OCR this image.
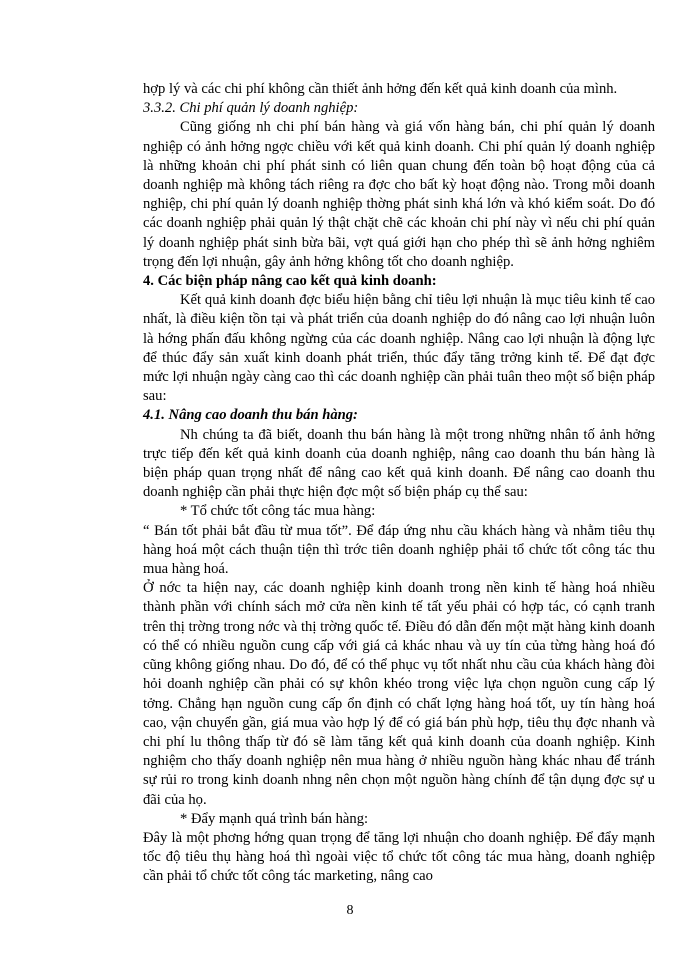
hợp lý và các chi phí không cần thiết ảnh hởng đến kết quả kinh doanh của mình.

3.3.2. Chi phí quản lý doanh nghiệp:

Cũng giống nh chi phí bán hàng và giá vốn hàng bán, chi phí quản lý doanh nghiệp có ảnh hởng ngợc chiều với kết quả kinh doanh. Chi phí quản lý doanh nghiệp là những khoản chi phí phát sinh có liên quan chung đến toàn bộ hoạt động của cả doanh nghiệp mà không tách riêng ra đợc cho bất kỳ hoạt động nào. Trong mỗi doanh nghiệp, chi phí quản lý doanh nghiệp thờng phát sinh khá lớn và khó kiểm soát. Do đó các doanh nghiệp phải quản lý thật chặt chẽ các khoản chi phí này vì nếu chi phí quản lý doanh nghiệp phát sinh bừa bãi, vợt quá giới hạn cho phép thì sẽ ảnh hởng nghiêm trọng đến lợi nhuận, gây ảnh hởng không tốt cho doanh nghiệp.

4. Các biện pháp nâng cao kết quả kinh doanh:

Kết quả kinh doanh đợc biểu hiện bằng chỉ tiêu lợi nhuận là mục tiêu kinh tế cao nhất, là điều kiện tồn tại và phát triển của doanh nghiệp do đó nâng cao lợi nhuận luôn là hớng phấn đấu không ngừng của các doanh nghiệp. Nâng cao lợi nhuận là động lực để thúc đẩy sản xuất kinh doanh phát triển, thúc đẩy tăng trởng kinh tế. Để đạt đợc mức lợi nhuận ngày càng cao thì các doanh nghiệp cần phải tuân theo một số biện pháp sau:

4.1. Nâng cao doanh thu bán hàng:

Nh chúng ta đã biết, doanh thu bán hàng là một trong những nhân tố ảnh hởng trực tiếp đến kết quả kinh doanh của doanh nghiệp, nâng cao doanh thu bán hàng là biện pháp quan trọng nhất để nâng cao kết quả kinh doanh. Để nâng cao doanh thu doanh nghiệp cần phải thực hiện đợc một số biện pháp cụ thể sau:

* Tổ chức tốt công tác mua hàng:

“ Bán tốt phải bắt đầu từ mua tốt”. Để đáp ứng nhu cầu khách hàng và nhằm tiêu thụ hàng hoá một cách thuận tiện thì trớc tiên doanh nghiệp phải tổ chức tốt công tác thu mua hàng hoá.

Ở nớc ta hiện nay, các doanh nghiệp kinh doanh trong nền kinh tế hàng hoá nhiều thành phần với chính sách mở cửa nền kinh tế tất yếu phải có hợp tác, có cạnh tranh trên thị trờng trong nớc và thị trờng quốc tế. Điều đó dẫn đến một mặt hàng kinh doanh có thể có nhiều nguồn cung cấp với giá cả khác nhau và uy tín của từng hàng hoá đó cũng không giống nhau. Do đó, để có thể phục vụ tốt nhất nhu cầu của khách hàng đòi hỏi doanh nghiệp cần phải có sự khôn khéo trong việc lựa chọn nguồn cung cấp lý tởng. Chẳng hạn nguồn cung cấp ổn định có chất lợng hàng hoá tốt, uy tín hàng hoá cao, vận chuyển gần, giá mua vào hợp lý để có giá bán phù hợp, tiêu thụ đợc nhanh và chi phí lu thông thấp từ đó sẽ làm tăng kết quả kinh doanh của doanh nghiệp. Kinh nghiệm cho thấy doanh nghiệp nên mua hàng ở nhiều nguồn hàng khác nhau để tránh sự rủi ro trong kinh doanh nhng nên chọn một nguồn hàng chính để tận dụng đợc sự u đãi của họ.

* Đẩy mạnh quá trình bán hàng:

Đây là một phơng hớng quan trọng để tăng lợi nhuận cho doanh nghiệp. Để đẩy mạnh tốc độ tiêu thụ hàng hoá thì ngoài việc tổ chức tốt công tác mua hàng, doanh nghiệp cần phải tổ chức tốt công tác marketing, nâng cao

8
